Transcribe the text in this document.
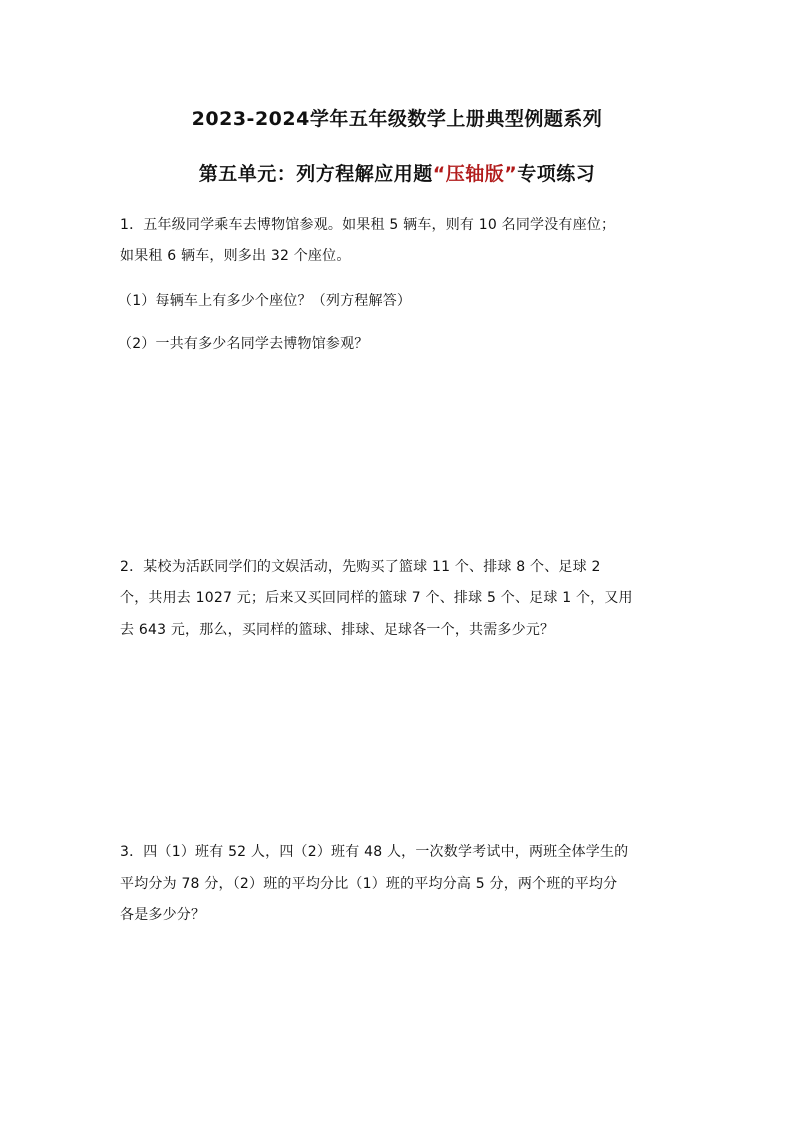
2023-2024学年五年级数学上册典型例题系列
第五单元：列方程解应用题“压轴版”专项练习
1．五年级同学乘车去博物馆参观。如果租 5 辆车，则有 10 名同学没有座位；
如果租 6 辆车，则多出 32 个座位。
（1）每辆车上有多少个座位？（列方程解答）
（2）一共有多少名同学去博物馆参观？
2．某校为活跃同学们的文娱活动，先购买了篮球 11 个、排球 8 个、足球 2
个，共用去 1027 元；后来又买回同样的篮球 7 个、排球 5 个、足球 1 个，又用
去 643 元，那么，买同样的篮球、排球、足球各一个，共需多少元？
3．四（1）班有 52 人，四（2）班有 48 人，一次数学考试中，两班全体学生的
平均分为 78 分，（2）班的平均分比（1）班的平均分高 5 分，两个班的平均分
各是多少分？
